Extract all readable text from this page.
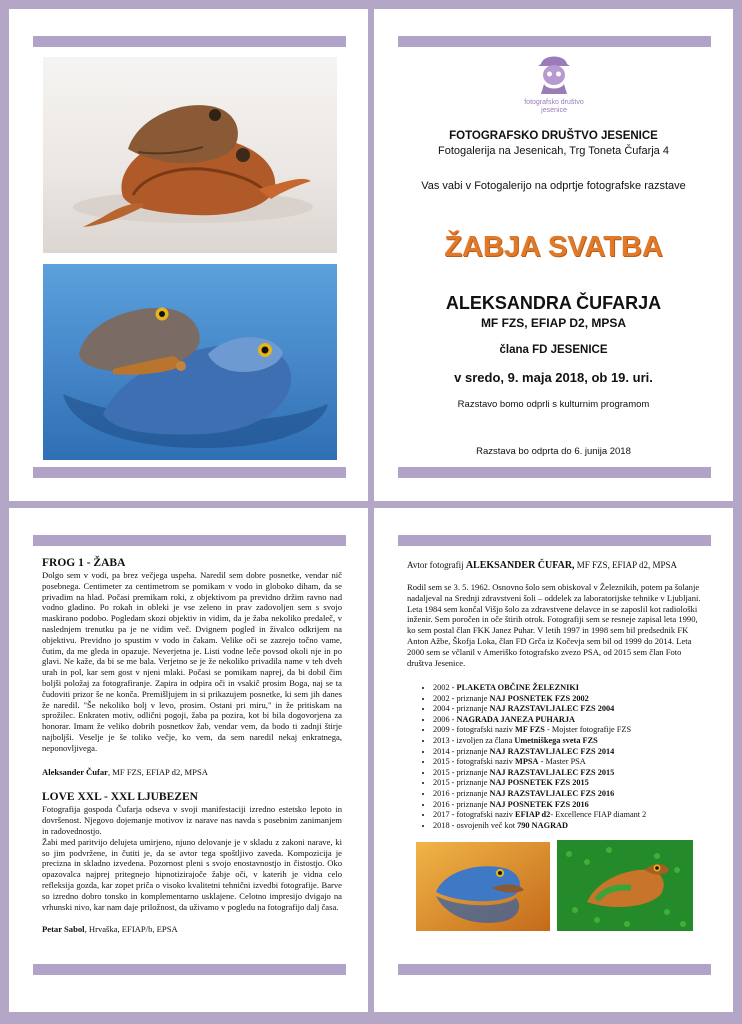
fotografsko društvo
jesenice
FOTOGRAFSKO DRUŠTVO JESENICE
Fotogalerija na Jesenicah, Trg Toneta Čufarja 4
Vas vabi v Fotogalerijo na odprtje fotografske razstave
ŽABJA SVATBA
ALEKSANDRA ČUFARJA
MF FZS, EFIAP D2, MPSA
člana FD JESENICE
v sredo, 9. maja 2018, ob 19. uri.
Razstavo bomo odprli s kulturnim programom
Razstava bo odprta do 6. junija 2018
FROG 1 - ŽABA

Dolgo sem v vodi, pa brez večjega uspeha. Naredil sem dobre posnetke, vendar nič posebnega. Centimeter za centimetrom se pomikam v vodo in globoko diham, da se privadim na hlad. Počasi premikam roki, z objektivom pa previdno držim ravno nad vodno gladino. Po rokah in obleki je vse zeleno in prav zadovoljen sem s svojo maskirano podobo. Pogledam skozi objektiv in vidim, da je žaba nekoliko predaleč, v naslednjem trenutku pa je ne vidim več. Dvignem pogled in živalco odkrijem na objektivu. Previdno jo spustim v vodo in čakam. Velike oči se zazrejo točno vame, čutim, da me gleda in opazuje. Neverjetna je. Listi vodne leče povsod okoli nje in po glavi. Ne kaže, da bi se me bala. Verjetno se je že nekoliko privadila name v teh dveh urah in pol, kar sem gost v njeni mlaki. Počasi se pomikam naprej, da bi dobil čim boljši položaj za fotografiranje. Zapira in odpira oči in vsakič prosim Boga, naj se ta čudoviti prizor še ne konča. Premišljujem in si prikazujem posnetke, ki sem jih danes že naredil. "Še nekoliko bolj v levo, prosim. Ostani pri miru," in že pritiskam na sprožilec. Enkraten motiv, odlični pogoji, žaba pa pozira, kot bi bila dogovorjena za honorar. Imam že veliko dobrih posnetkov žab, vendar vem, da bodo ti zadnji štirje najboljši. Veselje je še toliko večje, ko vem, da sem naredil nekaj enkratnega, neponovljivega.

Aleksander Čufar, MF FZS, EFIAP d2, MPSA

LOVE XXL - XXL LJUBEZEN

Fotografija gospoda Čufarja odseva v svoji manifestaciji izredno estetsko lepoto in dovršenost. Njegovo dojemanje motivov iz narave nas navda s posebnim zanimanjem in radovednostjo.

Žabi med paritvijo delujeta umirjeno, njuno delovanje je v skladu z zakoni narave, ki so jim podvržene, in čutiti je, da se avtor tega spoštljivo zaveda. Kompozicija je precizna in skladno izvedena. Pozornost pleni s svojo enostavnostjo in čistostjo. Oko opazovalca najprej pritegnejo hipnotizirajoče žabje oči, v katerih je vidna celo refleksija gozda, kar zopet priča o visoko kvalitetni tehnični izvedbi fotografije. Barve so izredno dobro tonsko in komplementarno usklajene. Celotno impresijo dvigajo na vrhunski nivo, kar nam daje priložnost, da uživamo v pogledu na fotografijo dalj časa.

Petar Sabol, Hrvaška, EFIAP/b, EPSA

Avtor fotografij ALEKSANDER ČUFAR, MF FZS, EFIAP d2, MPSA

Rodil sem se 3. 5. 1962. Osnovno šolo sem obiskoval v Železnikih, potem pa šolanje nadaljeval na Srednji zdravstveni šoli – oddelek za laboratorijske tehnike v Ljubljani. Leta 1984 sem končal Višjo šolo za zdravstvene delavce in se zaposlil kot radiološki inženir. Sem poročen in oče štirih otrok. Fotografiji sem se resneje zapisal leta 1990, ko sem postal član FKK Janez Puhar. V letih 1997 in 1998 sem bil predsednik FK Anton Ažbe, Škofja Loka, član FD Grča iz Kočevja sem bil od 1999 do 2014. Leta 2000 sem se včlanil v Ameriško fotografsko zvezo PSA, od 2015 sem član Foto društva Jesenice.

• 2002 - PLAKETA OBČINE ŽELEZNIKI
• 2002 - priznanje NAJ POSNETEK FZS 2002
• 2004 - priznanje NAJ RAZSTAVLJALEC FZS 2004
• 2006 - NAGRADA JANEZA PUHARJA
• 2009 - fotografski naziv MF FZS - Mojster fotografije FZS
• 2013 - izvoljen za člana Umetniškega sveta FZS
• 2014 - priznanje NAJ RAZSTAVLJALEC FZS 2014
• 2015 - fotografski naziv MPSA - Master PSA
• 2015 - priznanje NAJ RAZSTAVLJALEC FZS 2015
• 2015 - priznanje NAJ POSNETEK FZS 2015
• 2016 - priznanje NAJ RAZSTAVLJALEC FZS 2016
• 2016 - priznanje NAJ POSNETEK FZS 2016
• 2017 - fotografski naziv EFIAP d2- Excellence FIAP diamant 2
• 2018 - osvojenih več kot 790 NAGRAD
